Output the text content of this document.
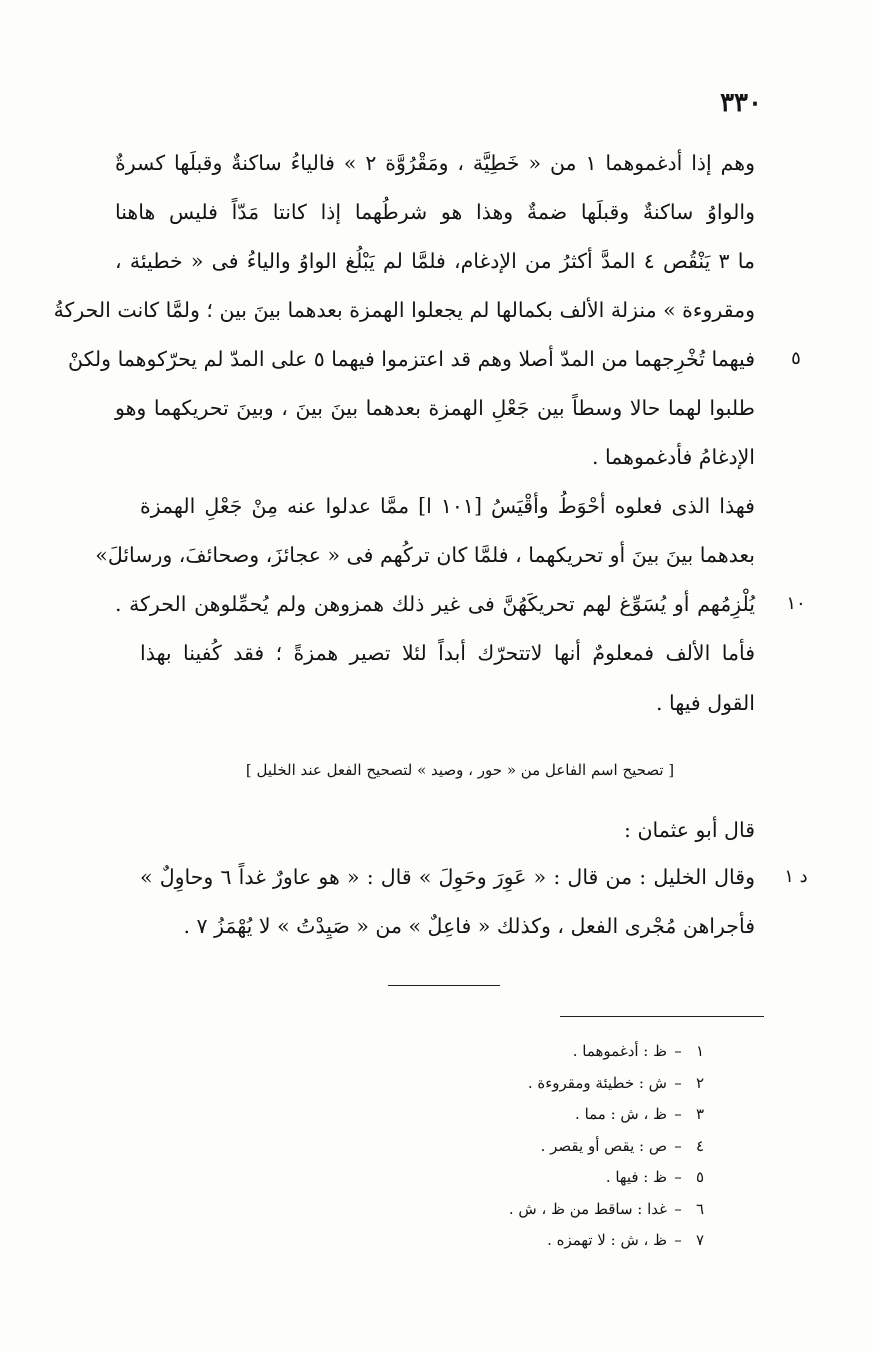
٣٣٠
وهم إذا أدغموهما ١ من « خَطِيَّة ، ومَقْرُوَّة ٢ » فالياءُ ساكنةٌ وقبلَها كسرةٌ
والواوُ ساكنةٌ وقبلَها ضمةٌ وهذا هو شرطُهما إذا كانتا مَدّاً فليس هاهنا
ما ٣ يَنْقُص ٤ المدَّ أكثرُ من الإدغام، فلمَّا لم يَبْلُغ الواوُ والياءُ فى « خطيئة ،
ومقروءة » منزلة الألف بكمالها لم يجعلوا الهمزة بعدهما بينَ بين ؛ ولمَّا كانت الحركةُ
فيهما تُخْرِجهما من المدّ أصلا وهم قد اعتزموا فيهما ٥ على المدّ لم يحرّكوهما ولكنْ	٥
طلبوا لهما حالا وسطاً بين جَعْلِ الهمزة بعدهما بينَ بينَ ، وبينَ تحريكهما وهو
الإدغامُ فأدغموهما .
فهذا الذى فعلوه أحْوَطُ وأقْيَسُ [١٠١ ا] ممَّا عدلوا عنه مِنْ جَعْلِ الهمزة
بعدهما بينَ بينَ أو تحريكهما ، فلمَّا كان تركُهم فى « عجائزَ، وصحائفَ، ورسائلَ»
يُلْزِمُهم أو يُسَوِّغ لهم تحريكَهُنَّ فى غير ذلك همزوهن ولم يُحمِّلوهن الحركة .	١٠
فأما الألف فمعلومٌ أنها لاتتحرّك أبداً لئلا تصير همزةً ؛ فقد كُفينا بهذا
القول فيها .
[ تصحيح اسم الفاعل من « حور ، وصيد » لتصحيح الفعل عند الخليل ]
قال أبو عثمان :
وقال الخليل : من قال : « عَوِرَ وحَوِلَ » قال : « هو عاورٌ غداً ٦ وحاوِلٌ »	د ١
فأجراهن مُجْرى الفعل ، وكذلك « فاعِلٌ » من « صَيِدْتُ » لا يُهْمَزُ ٧ .
١–ظ : أدغموهما .
٢–ش : خطيئة ومقروءة .
٣–ظ ، ش : مما .
٤–ص : يقص أو يقصر .
٥–ظ : فيها .
٦–غدا : ساقط من ظ ، ش .
٧–ظ ، ش : لا تهمزه .
